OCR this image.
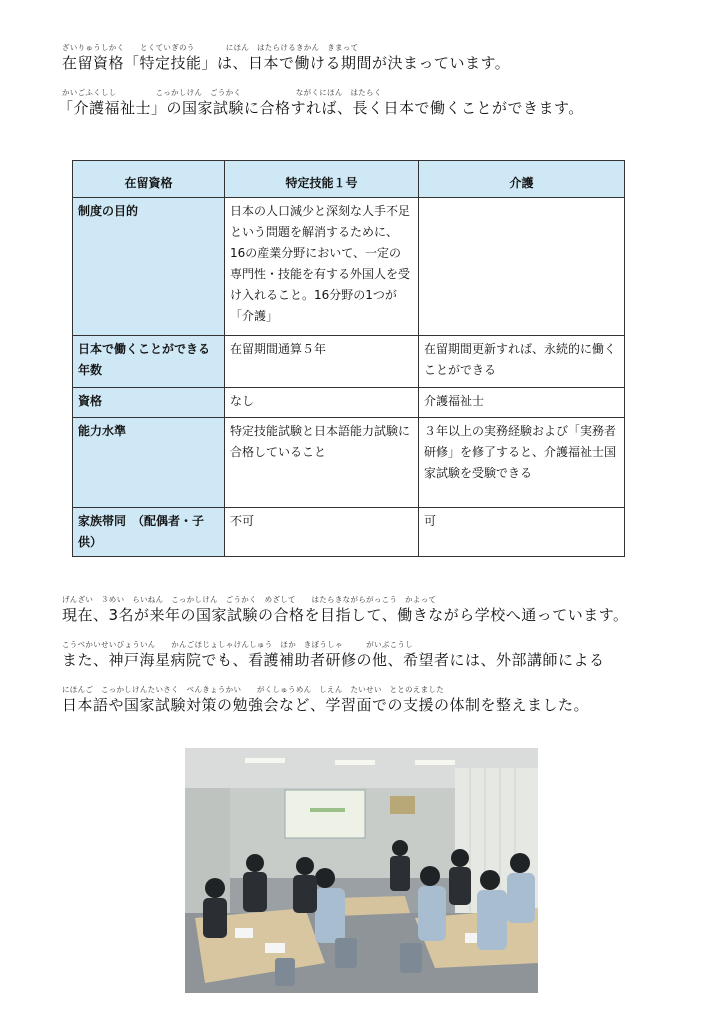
ざいりゅうしかく　　とくていぎのう　　　　にほん　はたらけるきかん　きまって
在留資格「特定技能」は、日本で働ける期間が決まっています。
かいごふくしし　　　　　こっかしけん　ごうかく　　　　　　　ながくにほん　はたらく
「介護福祉士」の国家試験に合格すれば、長く日本で働くことができます。
在留資格	特定技能１号	介護
制度の目的	日本の人口減少と深刻な人手不足という問題を解消するために、16の産業分野において、一定の専門性・技能を有する外国人を受け入れること。16分野の1つが「介護」	
日本で働くことができる年数	在留期間通算５年	在留期間更新すれば、永続的に働くことができる
資格	なし	介護福祉士
能力水準	特定技能試験と日本語能力試験に合格していること	３年以上の実務経験および「実務者研修」を修了すると、介護福祉士国家試験を受験できる
家族帯同　（配偶者・子供）	不可	可
げんざい　３めい　らいねん　こっかしけん　ごうかく　めざして　　はたらきながらがっこう　かよって
現在、3名が来年の国家試験の合格を目指して、働きながら学校へ通っています。
こうべかいせいびょういん　　かんごほじょしゃけんしゅう　ほか　きぼうしゃ　　　がいぶこうし
また、神戸海星病院でも、看護補助者研修の他、希望者には、外部講師による
にほんご　こっかしけんたいさく　べんきょうかい　　がくしゅうめん　しえん　たいせい　ととのえました
日本語や国家試験対策の勉強会など、学習面での支援の体制を整えました。
